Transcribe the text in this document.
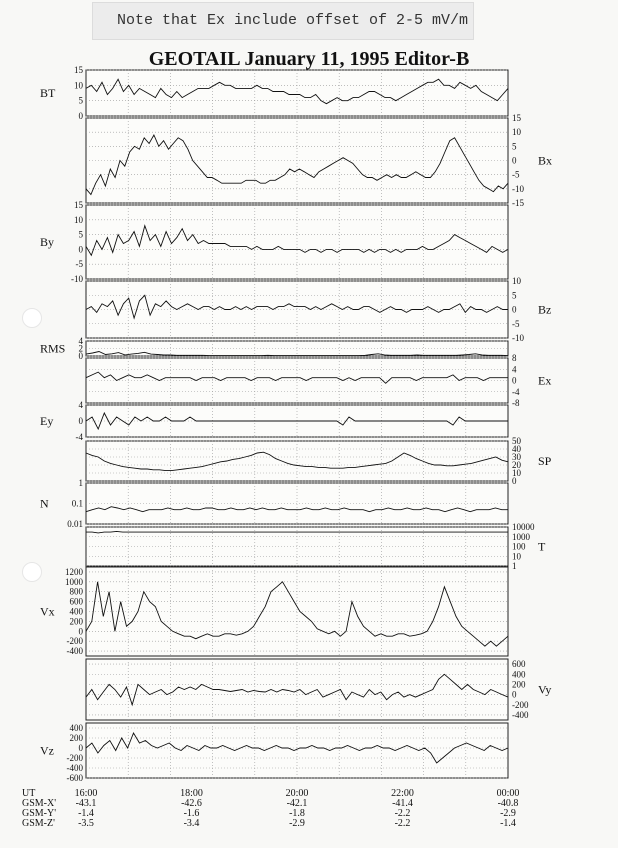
Note that Ex include offset of 2-5 mV/m
GEOTAIL January 11, 1995 Editor-B
15
10
5
0
BT
15
10
5
0
-5
-10
-15
Bx
15
10
5
0
-5
-10
By
10
5
0
-5
-10
Bz
4
2
0
RMS
8
4
0
-4
-8
Ex
4
0
-4
Ey
50
40
30
20
10
0
SP
1
0.1
0.01
N
10000
1000
100
10
1
T
1200
1000
800
600
400
200
0
-200
-400
Vx
600
400
200
0
-200
-400
Vy
400
200
0
-200
-400
-600
Vz
UT
GSM-X'
GSM-Y'
GSM-Z'
16:00
-43.1
-1.4
-3.5
18:00
-42.6
-1.6
-3.4
20:00
-42.1
-1.8
-2.9
22:00
-41.4
-2.2
-2.2
00:00
-40.8
-2.9
-1.4
